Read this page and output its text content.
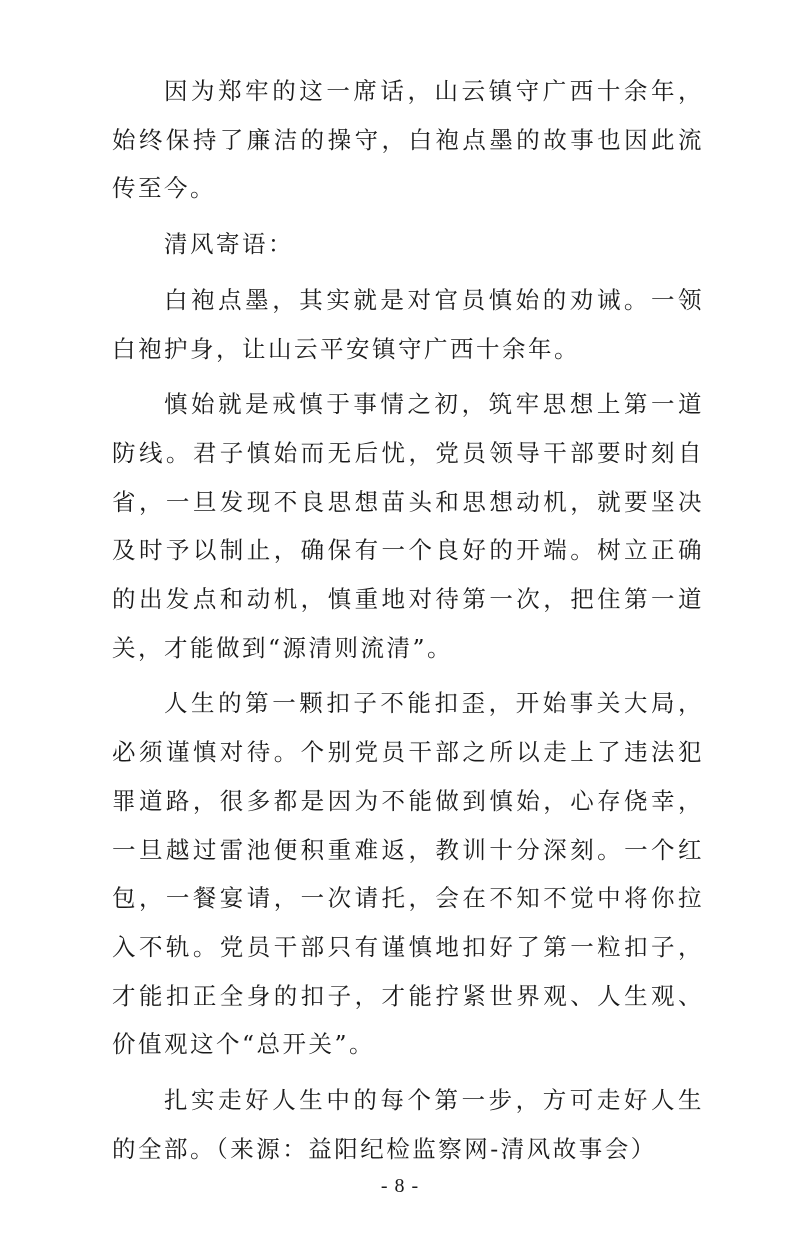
因为郑牢的这一席话，山云镇守广西十余年，始终保持了廉洁的操守，白袍点墨的故事也因此流传至今。

清风寄语：

白袍点墨，其实就是对官员慎始的劝诫。一领白袍护身，让山云平安镇守广西十余年。

慎始就是戒慎于事情之初，筑牢思想上第一道防线。君子慎始而无后忧，党员领导干部要时刻自省，一旦发现不良思想苗头和思想动机，就要坚决及时予以制止，确保有一个良好的开端。树立正确的出发点和动机，慎重地对待第一次，把住第一道关，才能做到“源清则流清”。

人生的第一颗扣子不能扣歪，开始事关大局，必须谨慎对待。个别党员干部之所以走上了违法犯罪道路，很多都是因为不能做到慎始，心存侥幸，一旦越过雷池便积重难返，教训十分深刻。一个红包，一餐宴请，一次请托，会在不知不觉中将你拉入不轨。党员干部只有谨慎地扣好了第一粒扣子，才能扣正全身的扣子，才能拧紧世界观、人生观、价值观这个“总开关”。

扎实走好人生中的每个第一步，方可走好人生的全部。（来源：益阳纪检监察网-清风故事会）

- 8 -
